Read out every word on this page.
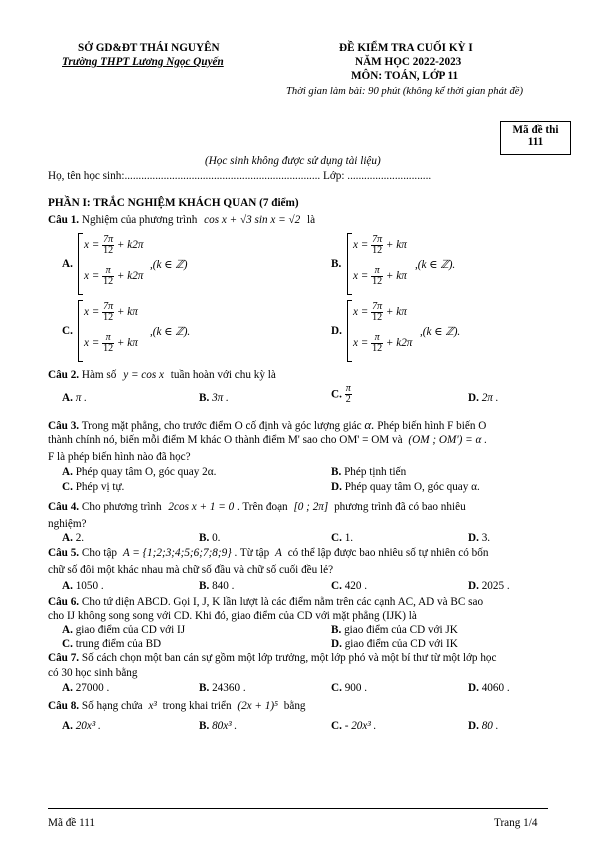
SỞ GD&ĐT THÁI NGUYÊN
Trường THPT Lương Ngọc Quyến
ĐỀ KIỂM TRA CUỐI KỲ I
NĂM HỌC 2022-2023
MÔN: TOÁN, LỚP 11
Thời gian làm bài: 90 phút (không kể thời gian phát đề)
Mã đề thi
111
(Học sinh không được sử dụng tài liệu)
Họ, tên học sinh:...................................................................... Lớp: ..............................
PHẦN I: TRẮC NGHIỆM KHÁCH QUAN (7 điểm)
Câu 1. Nghiệm của phương trình cos x + √3 sin x = √2 là
A.
$x = \frac{7\pi}{12} + k2\pi$
$x = \frac{\pi}{12} + k2\pi$
,(k ∈ ℤ)	B.
$x = \frac{7\pi}{12} + k\pi$
$x = \frac{\pi}{12} + k\pi$
,(k ∈ ℤ).
C.
$x = \frac{7\pi}{12} + k\pi$
$x = \frac{\pi}{12} + k\pi$
,(k ∈ ℤ).	D.
$x = \frac{7\pi}{12} + k\pi$
$x = \frac{\pi}{12} + k2\pi$
,(k ∈ ℤ).
Câu 2. Hàm số y = cos x tuần hoàn với chu kỳ là
A. π .	B. 3π .	C. $\frac{\pi}{2}$	D. 2π .
Câu 3. Trong mặt phẳng, cho trước điểm O cố định và góc lượng giác α. Phép biến hình F biến O
thành chính nó, biến mỗi điểm M khác O thành điểm M' sao cho OM' = OM và (OM ; OM') = α .
F là phép biến hình nào đã học?
A. Phép quay tâm O, góc quay 2α.	B. Phép tịnh tiến
C. Phép vị tự.	D. Phép quay tâm O, góc quay α.
Câu 4. Cho phương trình 2cos x + 1 = 0 . Trên đoạn [0 ; 2π] phương trình đã có bao nhiêu
nghiệm?
A. 2.	B. 0.	C. 1.	D. 3.
Câu 5. Cho tập A = {1;2;3;4;5;6;7;8;9} . Từ tập A có thể lập được bao nhiêu số tự nhiên có bốn
chữ số đôi một khác nhau mà chữ số đầu và chữ số cuối đều lẻ?
A. 1050 .	B. 840 .	C. 420 .	D. 2025 .
Câu 6. Cho tứ diện ABCD. Gọi I, J, K lần lượt là các điểm nằm trên các cạnh AC, AD và BC sao
cho IJ không song song với CD. Khi đó, giao điểm của CD với mặt phẳng (IJK) là
A. giao điểm của CD với IJ	B. giao điểm của CD với JK
C. trung điểm của BD	D. giao điểm của CD với IK
Câu 7. Số cách chọn một ban cán sự gồm một lớp trưởng, một lớp phó và một bí thư từ một lớp học
có 30 học sinh bằng
A. 27000 .	B. 24360 .	C. 900 .	D. 4060 .
Câu 8. Số hạng chứa x³ trong khai triển (2x + 1)⁵ bằng
A. 20x³ .	B. 80x³ .	C. - 20x³ .	D. 80 .
Mã đề 111	Trang 1/4
